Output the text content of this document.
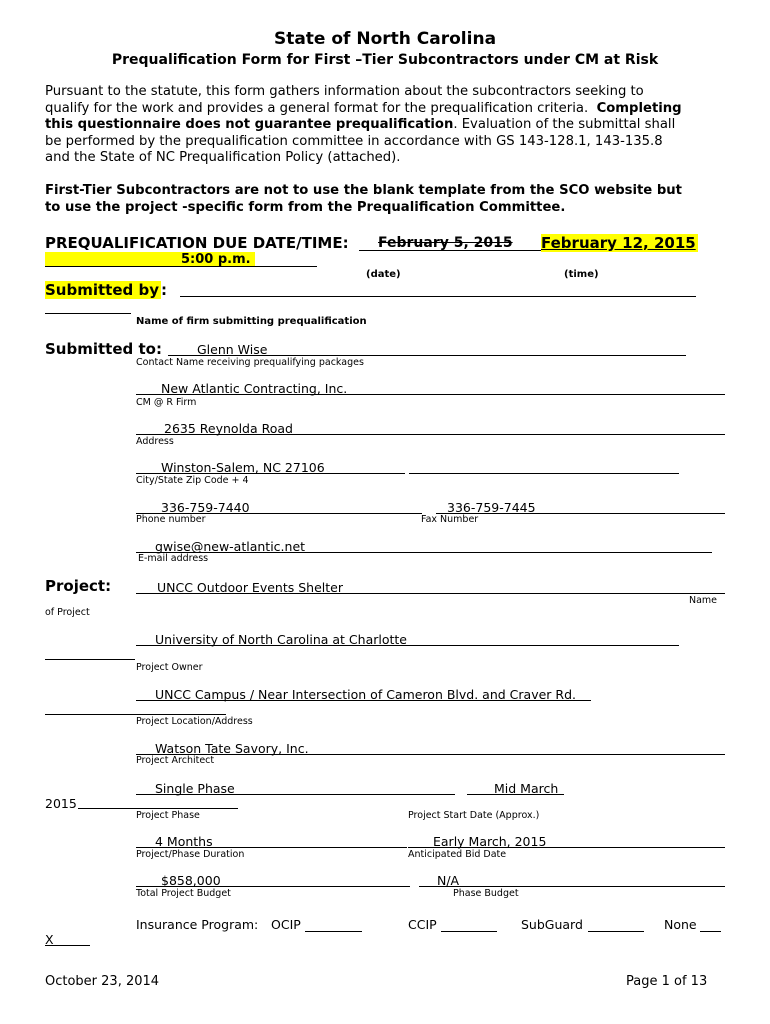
State of North Carolina
Prequalification Form for First –Tier Subcontractors under CM at Risk
Pursuant to the statute, this form gathers information about the subcontractors seeking to
qualify for the work and provides a general format for the prequalification criteria. Completing
this questionnaire does not guarantee prequalification. Evaluation of the submittal shall
be performed by the prequalification committee in accordance with GS 143-128.1, 143-135.8
and the State of NC Prequalification Policy (attached).
First-Tier Subcontractors are not to use the blank template from the SCO website but
to use the project -specific form from the Prequalification Committee.
PREQUALIFICATION DUE DATE/TIME: February 5, 2015 February 12, 2015
5:00 p.m.
(date)	(time)
Submitted by :
Name of firm submitting prequalification
Submitted to:	Glenn Wise
Contact Name receiving prequalifying packages
New Atlantic Contracting, Inc.
CM @ R Firm
2635 Reynolda Road
Address
Winston-Salem, NC 27106
City/State Zip Code + 4
336-759-7440
Phone number
336-759-7445
Fax Number
gwise@new-atlantic.net
E-mail address
Project:	UNCC Outdoor Events Shelter
Name
of Project
University of North Carolina at Charlotte
Project Owner
UNCC Campus / Near Intersection of Cameron Blvd. and Craver Rd.
Project Location/Address
Watson Tate Savory, Inc.
Project Architect
Single Phase	Mid March
2015
Project Phase	Project Start Date (Approx.)
4 Months
Project/Phase Duration
Early March, 2015
Anticipated Bid Date
$858,000
Total Project Budget
N/A
Phase Budget
Insurance Program: OCIP	CCIP	SubGuard	None
X
October 23, 2014	Page 1 of 13
